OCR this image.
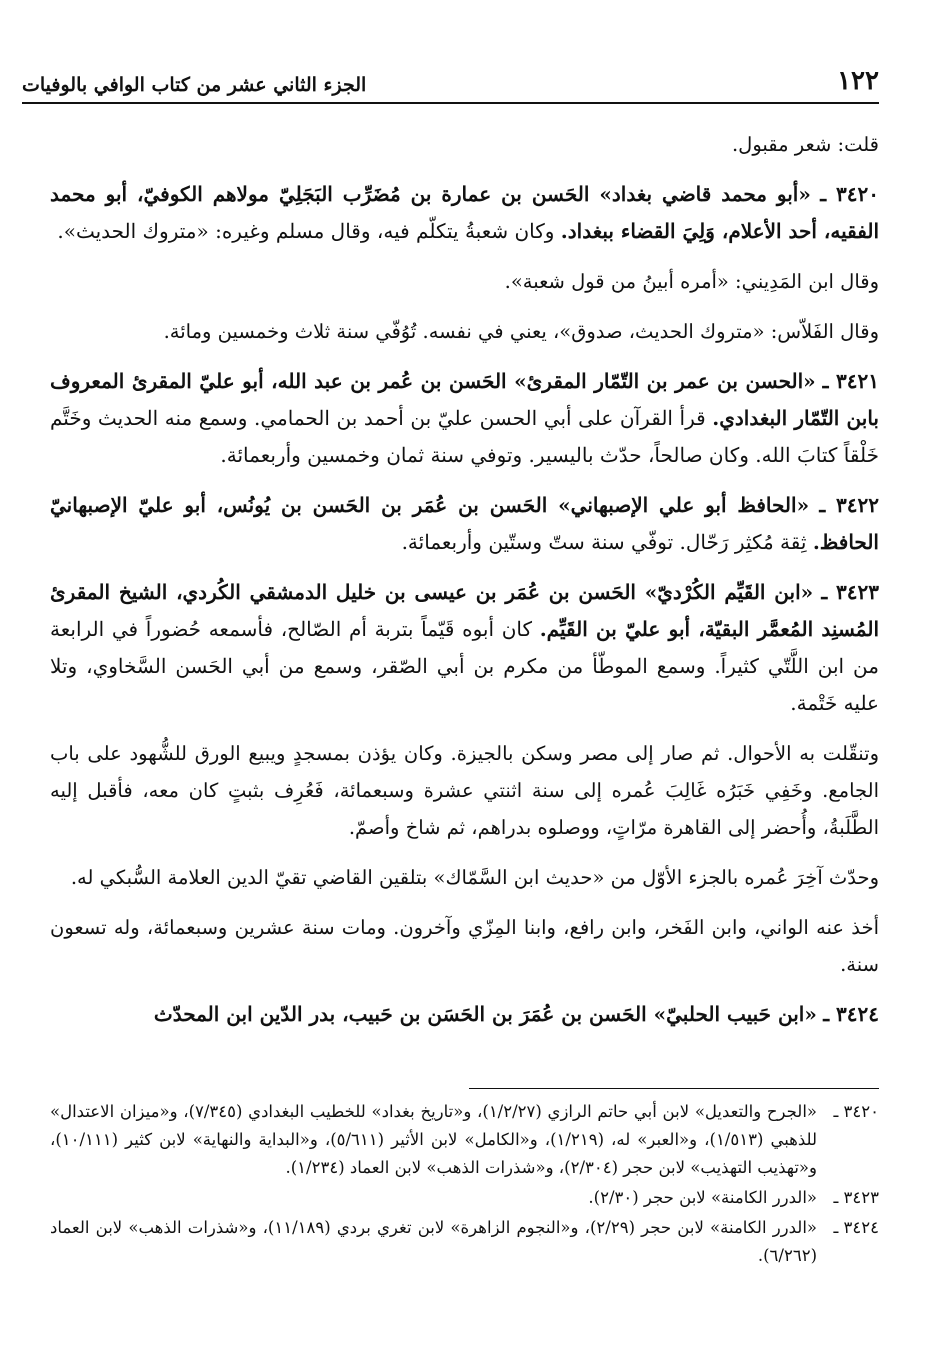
١٢٢
الجزء الثاني عشر من كتاب الوافي بالوفيات

قلت: شعر مقبول.

٣٤٢٠ ـ «أبو محمد قاضي بغداد» الحَسن بن عمارة بن مُضَرِّب البَجَلِيّ مولاهم الكوفيّ، أبو محمد الفقيه، أحد الأعلام، وَلِيَ القضاء ببغداد. وكان شعبةُ يتكلّم فيه، وقال مسلم وغيره: «متروك الحديث».

وقال ابن المَدِيني: «أمره أبينُ من قول شعبة».

وقال الفَلاّس: «متروك الحديث، صدوق»، يعني في نفسه. تُوُفّي سنة ثلاث وخمسين ومائة.

٣٤٢١ ـ «الحسن بن عمر بن التّمّار المقرئ» الحَسن بن عُمر بن عبد الله، أبو عليّ المقرئ المعروف بابن التّمّار البغدادي. قرأ القرآن على أبي الحسن عليّ بن أحمد بن الحمامي. وسمع منه الحديث وخَتَّم خَلْقاً كتابَ الله. وكان صالحاً، حدّث باليسير. وتوفي سنة ثمان وخمسين وأربعمائة.

٣٤٢٢ ـ «الحافظ أبو علي الإصبهاني» الحَسن بن عُمَر بن الحَسن بن يُونُس، أبو عليّ الإصبهانيّ الحافظ. ثِقة مُكثِر رَحّال. توفّي سنة ستّ وستّين وأربعمائة.

٣٤٢٣ ـ «ابن القَيِّم الكُرْديّ» الحَسن بن عُمَر بن عيسى بن خليل الدمشقي الكُردي، الشيخ المقرئ المُسنِد المُعمَّر البقيّة، أبو عليّ بن القَيِّم. كان أبوه قَيّماً بتربة أم الصّالح، فأسمعه حُضوراً في الرابعة من ابن اللَّتّي كثيراً. وسمع الموطّأ من مكرم بن أبي الصّقر، وسمع من أبي الحَسن السَّخاوي، وتلا عليه خَتْمة.

وتنقّلت به الأحوال. ثم صار إلى مصر وسكن بالجيزة. وكان يؤذن بمسجدٍ ويبيع الورق للشُّهود على باب الجامع. وخَفِي خَبَرُه غَالِبَ عُمره إلى سنة اثنتي عشرة وسبعمائة، فَعُرِف بثبتٍ كان معه، فأقبل إليه الطَّلَبةُ، وأُحضر إلى القاهرة مرّاتٍ، ووصلوه بدراهم، ثم شاخ وأصمّ.

وحدّث آخِرَ عُمره بالجزء الأوّل من «حديث ابن السَّمّاك» بتلقين القاضي تقيّ الدين العلامة السُّبكي له.

أخذ عنه الواني، وابن الفَخر، وابن رافع، وابنا المِزّي وآخرون. ومات سنة عشرين وسبعمائة، وله تسعون سنة.

٣٤٢٤ ـ «ابن حَبيب الحلبيّ» الحَسن بن عُمَرَ بن الحَسَن بن حَبيب، بدر الدّين ابن المحدّث

٣٤٢٠ ـ
«الجرح والتعديل» لابن أبي حاتم الرازي (١/٢/٢٧)، و«تاريخ بغداد» للخطيب البغدادي (٧/٣٤٥)، و«ميزان الاعتدال» للذهبي (١/٥١٣)، و«العبر» له، (١/٢١٩)، و«الكامل» لابن الأثير (٥/٦١١)، و«البداية والنهاية» لابن كثير (١٠/١١١)، و«تهذيب التهذيب» لابن حجر (٢/٣٠٤)، و«شذرات الذهب» لابن العماد (١/٢٣٤).
٣٤٢٣ ـ
«الدرر الكامنة» لابن حجر (٢/٣٠).
٣٤٢٤ ـ
«الدرر الكامنة» لابن حجر (٢/٢٩)، و«النجوم الزاهرة» لابن تغري بردي (١١/١٨٩)، و«شذرات الذهب» لابن العماد (٦/٢٦٢).
